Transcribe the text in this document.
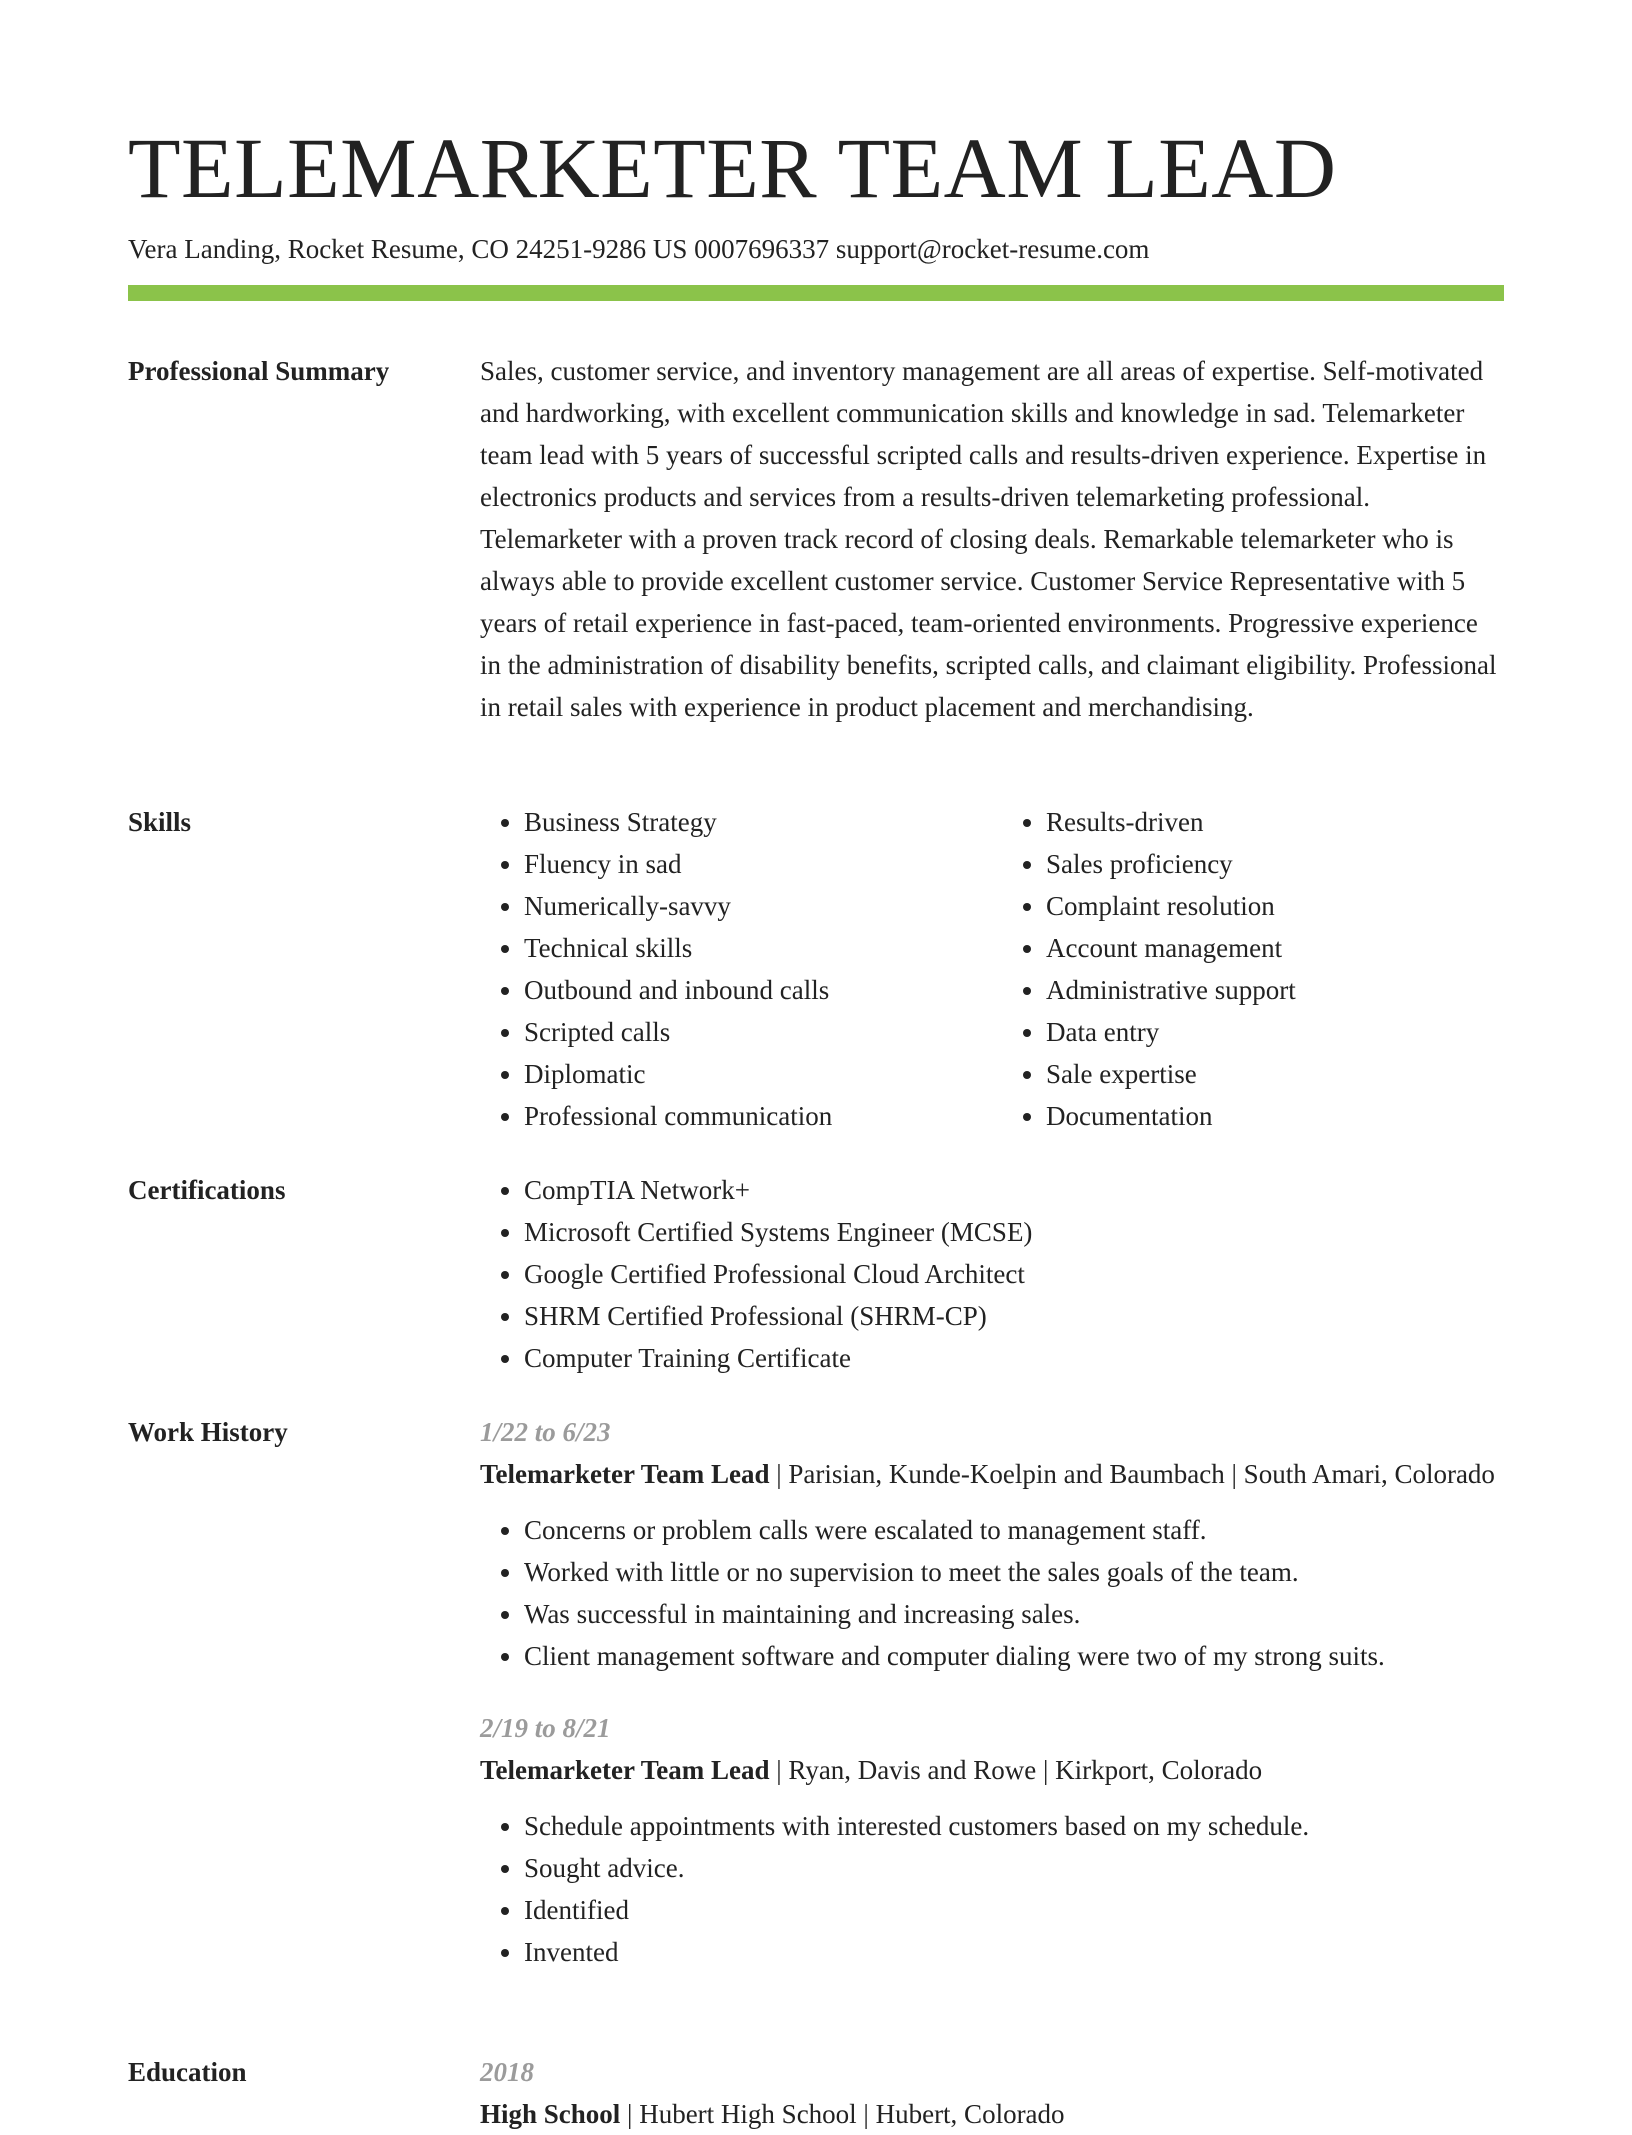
TELEMARKETER TEAM LEAD
Vera Landing, Rocket Resume, CO 24251-9286 US 0007696337 support@rocket-resume.com
Professional Summary	Sales, customer service, and inventory management are all areas of expertise. Self-motivated and hardworking, with excellent communication skills and knowledge in sad. Telemarketer team lead with 5 years of successful scripted calls and results-driven experience. Expertise in electronics products and services from a results-driven telemarketing professional. Telemarketer with a proven track record of closing deals. Remarkable telemarketer who is always able to provide excellent customer service. Customer Service Representative with 5 years of retail experience in fast-paced, team-oriented environments. Progressive experience in the administration of disability benefits, scripted calls, and claimant eligibility. Professional in retail sales with experience in product placement and merchandising.

Skills	• Business Strategy
• Fluency in sad
• Numerically-savvy
• Technical skills
• Outbound and inbound calls
• Scripted calls
• Diplomatic
• Professional communication
• Results-driven
• Sales proficiency
• Complaint resolution
• Account management
• Administrative support
• Data entry
• Sale expertise
• Documentation
Certifications	• CompTIA Network+
• Microsoft Certified Systems Engineer (MCSE)
• Google Certified Professional Cloud Architect
• SHRM Certified Professional (SHRM-CP)
• Computer Training Certificate
Work History	1/22 to 6/23
Telemarketer Team Lead | Parisian, Kunde-Koelpin and Baumbach | South Amari, Colorado
• Concerns or problem calls were escalated to management staff.
• Worked with little or no supervision to meet the sales goals of the team.
• Was successful in maintaining and increasing sales.
• Client management software and computer dialing were two of my strong suits.
2/19 to 8/21
Telemarketer Team Lead | Ryan, Davis and Rowe | Kirkport, Colorado
• Schedule appointments with interested customers based on my schedule.
• Sought advice.
• Identified
• Invented
Education	2018
High School | Hubert High School | Hubert, Colorado
